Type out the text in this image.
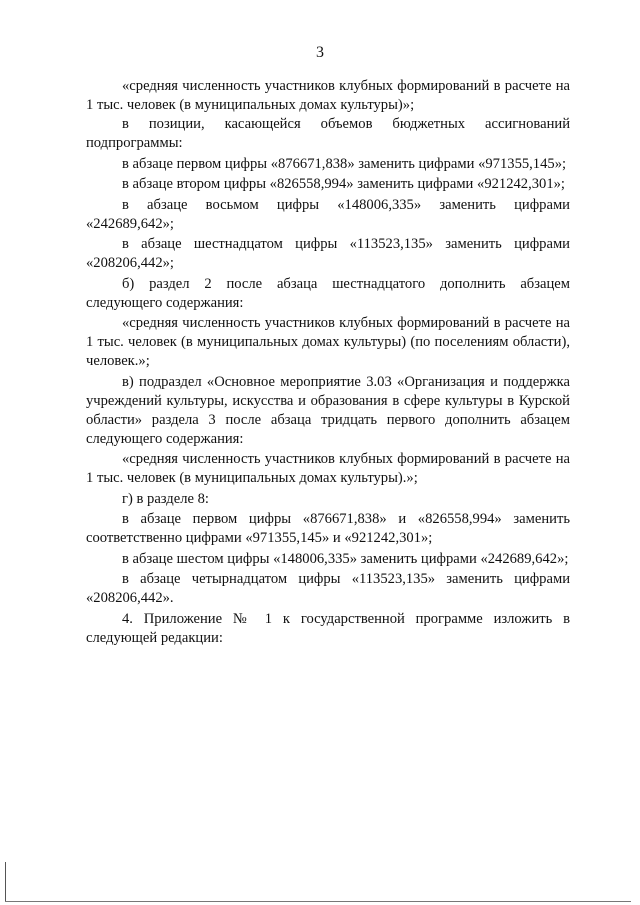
3

«средняя численность участников клубных формирований в расчете на 1 тыс. человек (в муниципальных домах культуры)»;

в позиции, касающейся объемов бюджетных ассигнований подпрограммы:

в абзаце первом цифры «876671,838» заменить цифрами «971355,145»;

в абзаце втором цифры «826558,994» заменить цифрами «921242,301»;

в абзаце восьмом цифры «148006,335» заменить цифрами «242689,642»;

в абзаце шестнадцатом цифры «113523,135» заменить цифрами «208206,442»;

б) раздел 2 после абзаца шестнадцатого дополнить абзацем следующего содержания:

«средняя численность участников клубных формирований в расчете на 1 тыс. человек (в муниципальных домах культуры) (по поселениям области), человек.»;

в) подраздел «Основное мероприятие 3.03 «Организация и поддержка учреждений культуры, искусства и образования в сфере культуры в Курской области» раздела 3 после абзаца тридцать первого дополнить абзацем следующего содержания:

«средняя численность участников клубных формирований в расчете на 1 тыс. человек (в муниципальных домах культуры).»;

г) в разделе 8:

в абзаце первом цифры «876671,838» и «826558,994» заменить соответственно цифрами «971355,145» и «921242,301»;

в абзаце шестом цифры «148006,335» заменить цифрами «242689,642»;

в абзаце четырнадцатом цифры «113523,135» заменить цифрами «208206,442».

4. Приложение № 1 к государственной программе изложить в следующей редакции:
